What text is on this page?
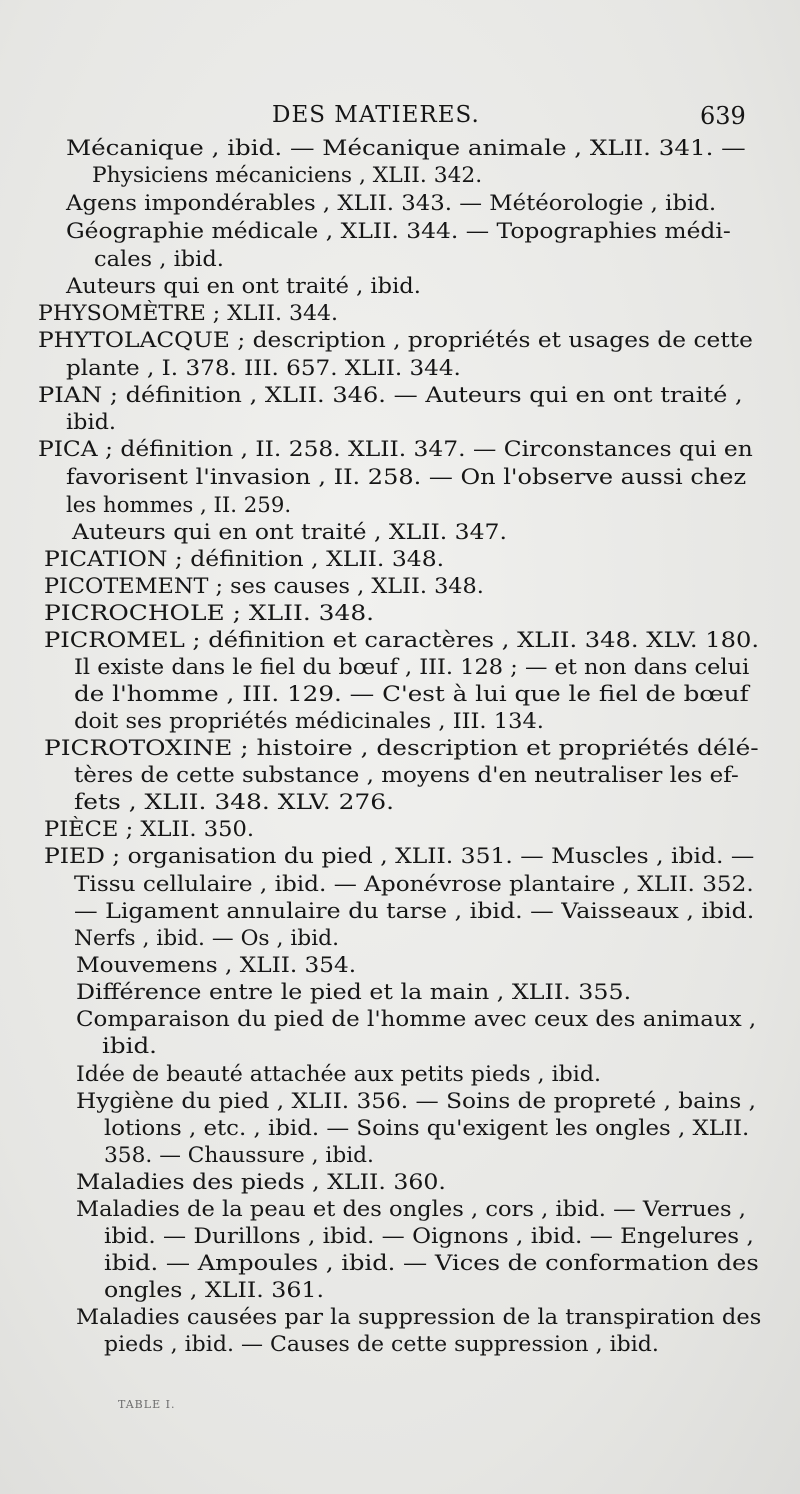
DES MATIERES.	639
Mécanique , ibid. — Mécanique animale , XLII. 341. —
Physiciens mécaniciens , XLII. 342.
Agens impondérables , XLII. 343. — Météorologie , ibid.
Géographie médicale , XLII. 344. — Topographies médi-
cales , ibid.
Auteurs qui en ont traité , ibid.
PHYSOMÈTRE ; XLII. 344.
PHYTOLACQUE ; description , propriétés et usages de cette
plante , I. 378. III. 657. XLII. 344.
PIAN ; définition , XLII. 346. — Auteurs qui en ont traité ,
ibid.
PICA ; définition , II. 258. XLII. 347. — Circonstances qui en
favorisent l'invasion , II. 258. — On l'observe aussi chez
les hommes , II. 259.
Auteurs qui en ont traité , XLII. 347.
PICATION ; définition , XLII. 348.
PICOTEMENT ; ses causes , XLII. 348.
PICROCHOLE ; XLII. 348.
PICROMEL ; définition et caractères , XLII. 348. XLV. 180.
Il existe dans le fiel du bœuf , III. 128 ; — et non dans celui
de l'homme , III. 129. — C'est à lui que le fiel de bœuf
doit ses propriétés médicinales , III. 134.
PICROTOXINE ; histoire , description et propriétés délé-
tères de cette substance , moyens d'en neutraliser les ef-
fets , XLII. 348. XLV. 276.
PIÈCE ; XLII. 350.
PIED ; organisation du pied , XLII. 351. — Muscles , ibid. —
Tissu cellulaire , ibid. — Aponévrose plantaire , XLII. 352.
— Ligament annulaire du tarse , ibid. — Vaisseaux , ibid.
Nerfs , ibid. — Os , ibid.
Mouvemens , XLII. 354.
Différence entre le pied et la main , XLII. 355.
Comparaison du pied de l'homme avec ceux des animaux ,
ibid.
Idée de beauté attachée aux petits pieds , ibid.
Hygiène du pied , XLII. 356. — Soins de propreté , bains ,
lotions , etc. , ibid. — Soins qu'exigent les ongles , XLII.
358. — Chaussure , ibid.
Maladies des pieds , XLII. 360.
Maladies de la peau et des ongles , cors , ibid. — Verrues ,
ibid. — Durillons , ibid. — Oignons , ibid. — Engelures ,
ibid. — Ampoules , ibid. — Vices de conformation des
ongles , XLII. 361.
Maladies causées par la suppression de la transpiration des
pieds , ibid. — Causes de cette suppression , ibid.
TABLE I.
